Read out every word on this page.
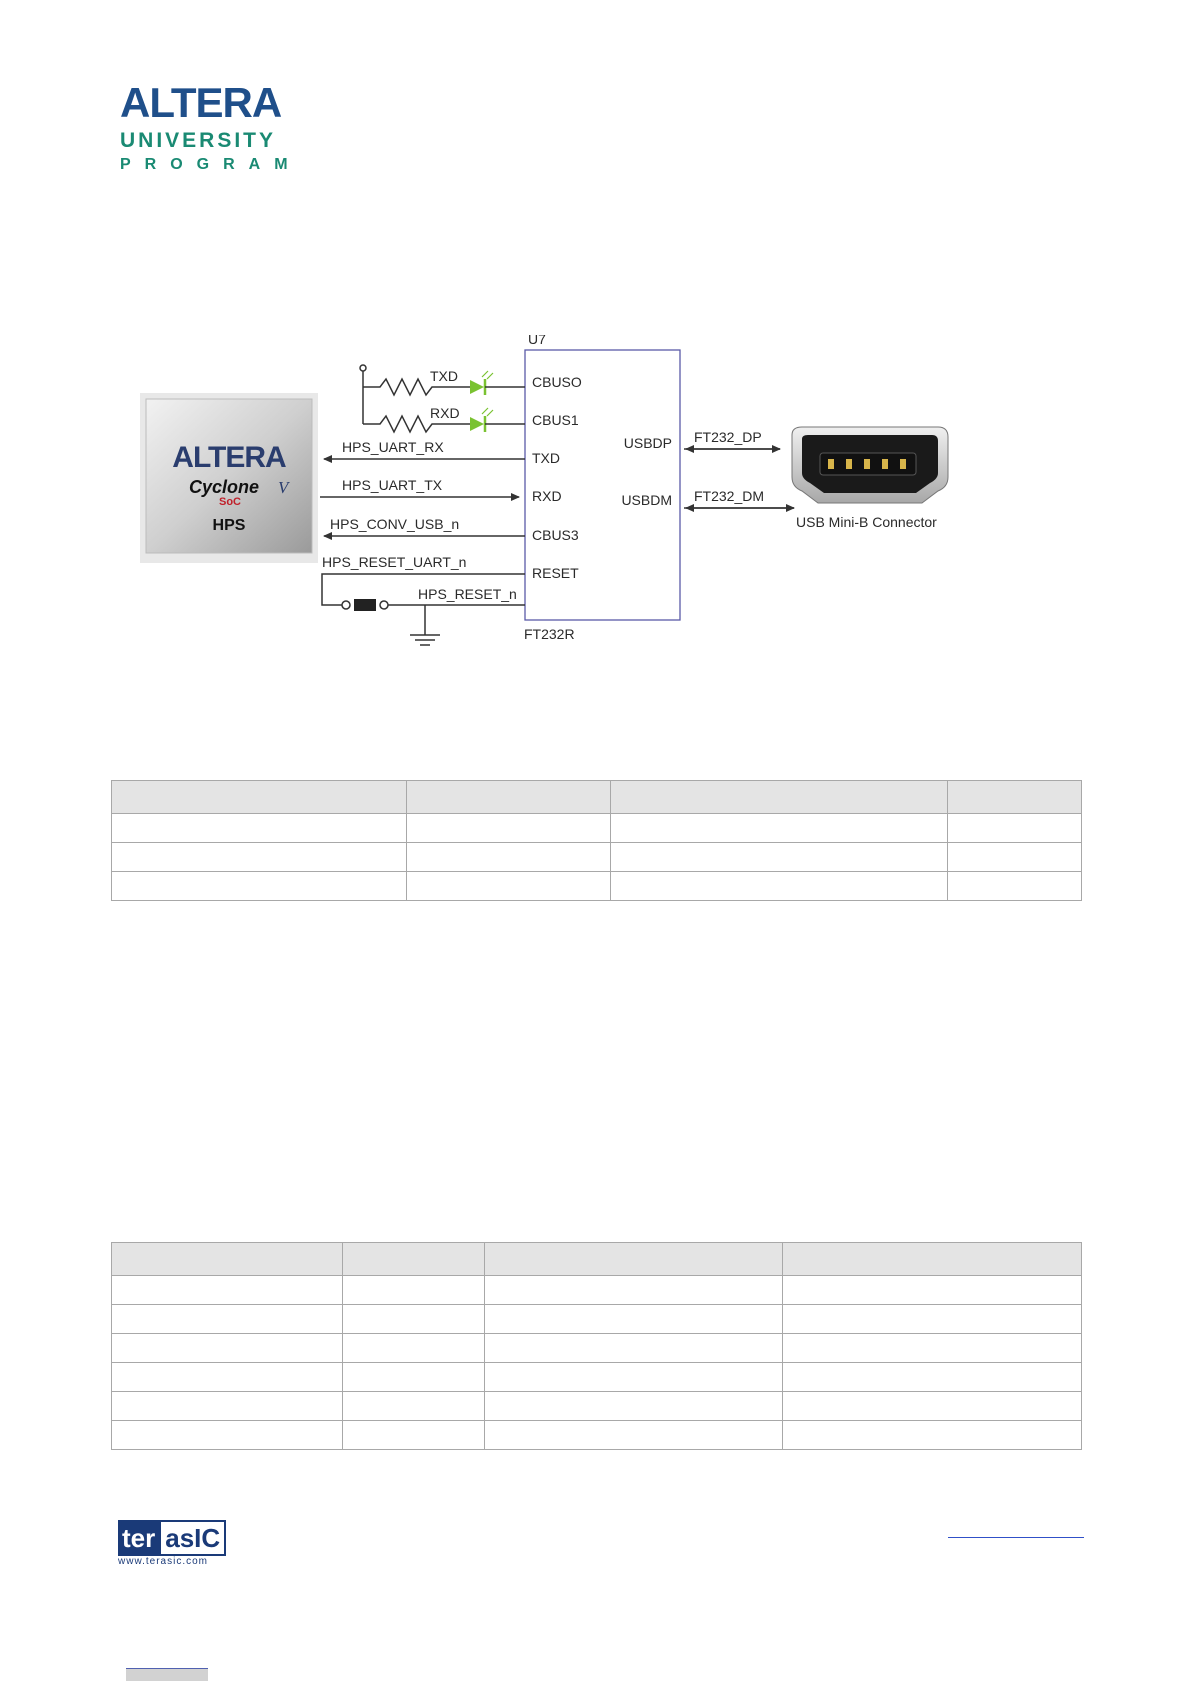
ALTERA
UNIVERSITY
PROGRAM
ALTERA
Cyclone V
SoC
HPS
U7
FT232R
CBUSO
CBUS1
TXD
RXD
CBUS3
RESET
USBDP
USBDM
TXD
RXD
HPS_UART_RX
HPS_UART_TX
HPS_CONV_USB_n
HPS_RESET_UART_n
HPS_RESET_n
FT232_DP
FT232_DM
USB Mini-B Connector

ter asIC
www.terasic.com
